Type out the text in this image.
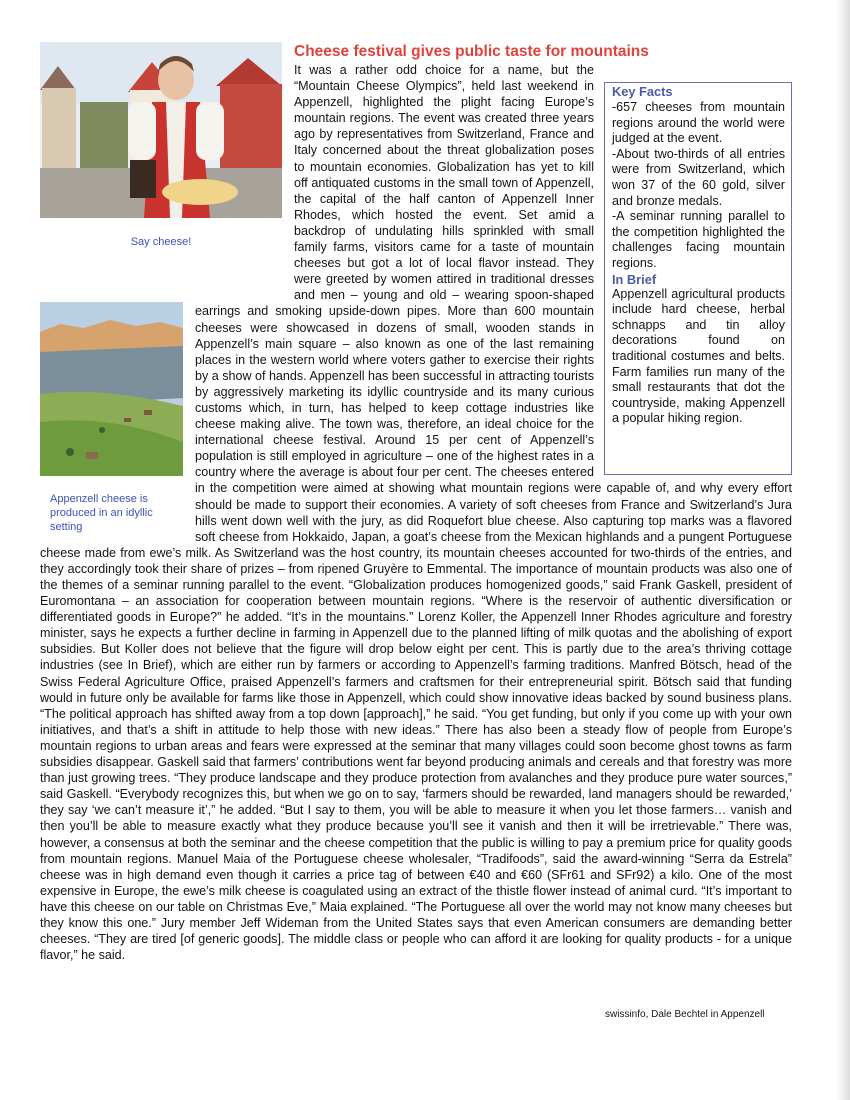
Cheese festival gives public taste for mountains
Say cheese!
Key Facts

-657 cheeses from mountain regions around the world were judged at the event.

-About two-thirds of all entries were from Switzerland, which won 37 of the 60 gold, silver and bronze medals.

-A seminar running parallel to the competition highlighted the challenges facing mountain regions.

In Brief

Appenzell agricultural products include hard cheese, herbal schnapps and tin alloy decorations found on traditional costumes and belts. Farm families run many of the small restaurants that dot the countryside, making Appenzell a popular hiking region.

Appenzell cheese is produced in an idyllic setting

It was a rather odd choice for a name, but the “Mountain Cheese Olympics”, held last weekend in Appenzell, highlighted the plight facing Europe’s mountain regions. The event was created three years ago by representatives from Switzerland, France and Italy concerned about the threat globalization poses to mountain economies. Globalization has yet to kill off antiquated customs in the small town of Appenzell, the capital of the half canton of Appenzell Inner Rhodes, which hosted the event. Set amid a backdrop of undulating hills sprinkled with small family farms, visitors came for a taste of mountain cheeses but got a lot of local flavor instead. They were greeted by women attired in traditional dresses and men – young and old – wearing spoon-shaped earrings and smoking upside-down pipes. More than 600 mountain cheeses were showcased in dozens of small, wooden stands in Appenzell’s main square – also known as one of the last remaining places in the western world where voters gather to exercise their rights by a show of hands. Appenzell has been successful in attracting tourists by aggressively marketing its idyllic countryside and its many curious customs which, in turn, has helped to keep cottage industries like cheese making alive. The town was, therefore, an ideal choice for the international cheese festival. Around 15 per cent of Appenzell’s population is still employed in agriculture – one of the highest rates in a country where the average is about four per cent. The cheeses entered in the competition were aimed at showing what mountain regions were capable of, and why every effort should be made to support their economies. A variety of soft cheeses from France and Switzerland’s Jura hills went down well with the jury, as did Roquefort blue cheese. Also capturing top marks was a flavored soft cheese from Hokkaido, Japan, a goat’s cheese from the Mexican highlands and a pungent Portuguese cheese made from ewe’s milk. As Switzerland was the host country, its mountain cheeses accounted for two-thirds of the entries, and they accordingly took their share of prizes – from ripened Gruyère to Emmental. The importance of mountain products was also one of the themes of a seminar running parallel to the event. “Globalization produces homogenized goods,” said Frank Gaskell, president of Euromontana – an association for cooperation between mountain regions. “Where is the reservoir of authentic diversification or differentiated goods in Europe?” he added. “It’s in the mountains.” Lorenz Koller, the Appenzell Inner Rhodes agriculture and forestry minister, says he expects a further decline in farming in Appenzell due to the planned lifting of milk quotas and the abolishing of export subsidies. But Koller does not believe that the figure will drop below eight per cent. This is partly due to the area’s thriving cottage industries (see In Brief), which are either run by farmers or according to Appenzell’s farming traditions. Manfred Bötsch, head of the Swiss Federal Agriculture Office, praised Appenzell’s farmers and craftsmen for their entrepreneurial spirit. Bötsch said that funding would in future only be available for farms like those in Appenzell, which could show innovative ideas backed by sound business plans. “The political approach has shifted away from a top down [approach],” he said. “You get funding, but only if you come up with your own initiatives, and that’s a shift in attitude to help those with new ideas.” There has also been a steady flow of people from Europe’s mountain regions to urban areas and fears were expressed at the seminar that many villages could soon become ghost towns as farm subsidies disappear. Gaskell said that farmers’ contributions went far beyond producing animals and cereals and that forestry was more than just growing trees. “They produce landscape and they produce protection from avalanches and they produce pure water sources,” said Gaskell. “Everybody recognizes this, but when we go on to say, ‘farmers should be rewarded, land managers should be rewarded,’ they say ‘we can’t measure it’,” he added. “But I say to them, you will be able to measure it when you let those farmers… vanish and then you’ll be able to measure exactly what they produce because you’ll see it vanish and then it will be irretrievable.” There was, however, a consensus at both the seminar and the cheese competition that the public is willing to pay a premium price for quality goods from mountain regions. Manuel Maia of the Portuguese cheese wholesaler, “Tradifoods”, said the award-winning “Serra da Estrela” cheese was in high demand even though it carries a price tag of between €40 and €60 (SFr61 and SFr92) a kilo. One of the most expensive in Europe, the ewe’s milk cheese is coagulated using an extract of the thistle flower instead of animal curd. “It’s important to have this cheese on our table on Christmas Eve,” Maia explained. “The Portuguese all over the world may not know many cheeses but they know this one.” Jury member Jeff Wideman from the United States says that even American consumers are demanding better cheeses. “They are tired [of generic goods]. The middle class or people who can afford it are looking for quality products - for a unique flavor,” he said.

swissinfo, Dale Bechtel in Appenzell
